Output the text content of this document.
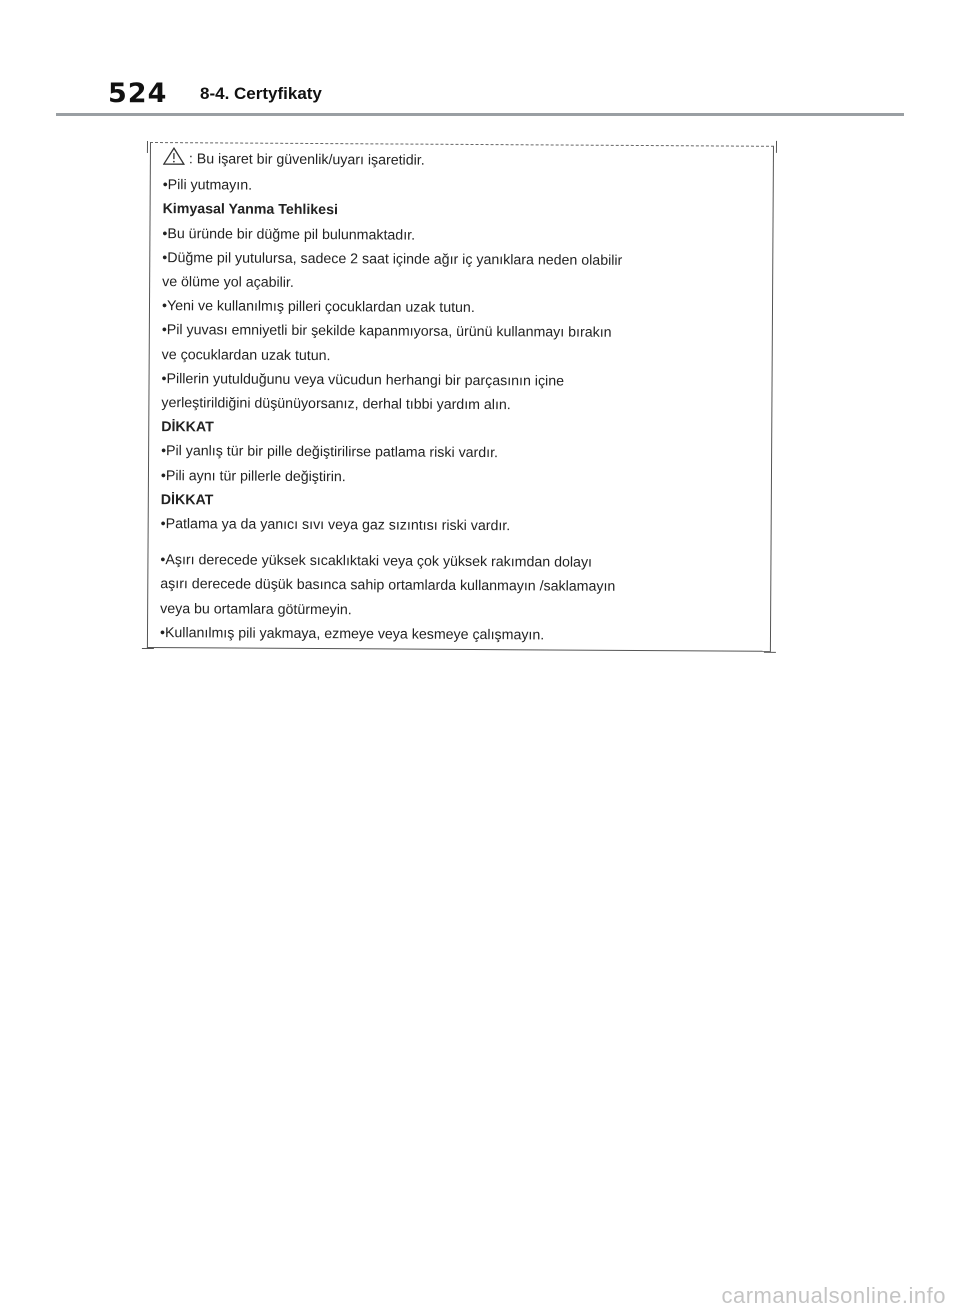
524 8-4. Certyfikaty
: Bu işaret bir güvenlik/uyarı işaretidir.
•Pili yutmayın.
Kimyasal Yanma Tehlikesi
•Bu üründe bir düğme pil bulunmaktadır.
•Düğme pil yutulursa, sadece 2 saat içinde ağır iç yanıklara neden olabilir
ve ölüme yol açabilir.
•Yeni ve kullanılmış pilleri çocuklardan uzak tutun.
•Pil yuvası emniyetli bir şekilde kapanmıyorsa, ürünü kullanmayı bırakın
ve çocuklardan uzak tutun.
•Pillerin yutulduğunu veya vücudun herhangi bir parçasının içine
yerleştirildiğini düşünüyorsanız, derhal tıbbi yardım alın.
DİKKAT
•Pil yanlış tür bir pille değiştirilirse patlama riski vardır.
•Pili aynı tür pillerle değiştirin.
DİKKAT
•Patlama ya da yanıcı sıvı veya gaz sızıntısı riski vardır.
•Aşırı derecede yüksek sıcaklıktaki veya çok yüksek rakımdan dolayı
aşırı derecede düşük basınca sahip ortamlarda kullanmayın /saklamayın
veya bu ortamlara götürmeyin.
•Kullanılmış pili yakmaya, ezmeye veya kesmeye çalışmayın.
carmanualsonline.info
